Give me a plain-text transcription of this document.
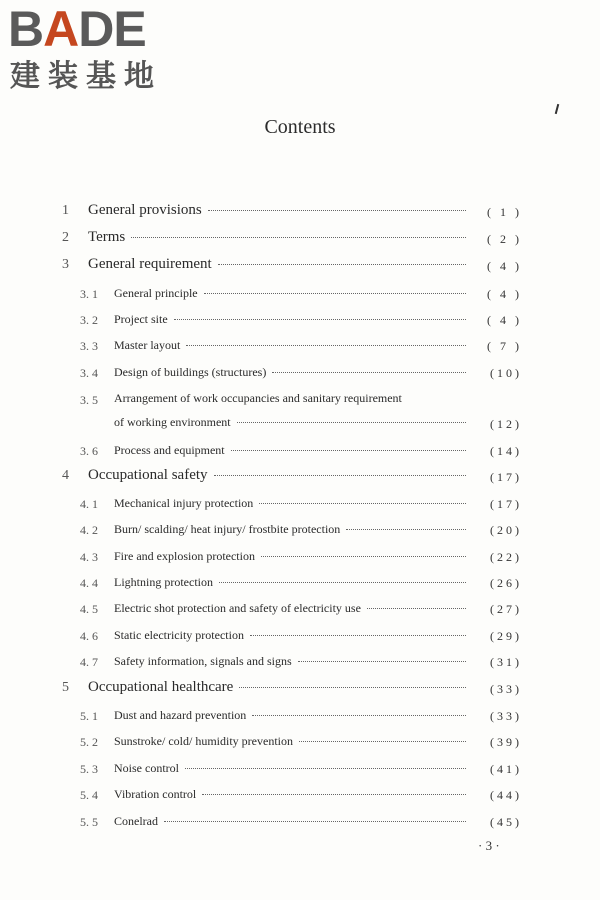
BADE
建装基地
Contents
1 General provisions	( 1 )
2 Terms	( 2 )
3 General requirement	( 4 )
3. 1 General principle	( 4 )
3. 2 Project site	( 4 )
3. 3 Master layout	( 7 )
3. 4 Design of buildings (structures)	(10)
3. 5 Arrangement of work occupancies and sanitary requirement
of working environment	(12)
3. 6 Process and equipment	(14)
4 Occupational safety	(17)
4. 1 Mechanical injury protection	(17)
4. 2 Burn/ scalding/ heat injury/ frostbite protection	(20)
4. 3 Fire and explosion protection	(22)
4. 4 Lightning protection	(26)
4. 5 Electric shot protection and safety of electricity use	(27)
4. 6 Static electricity protection	(29)
4. 7 Safety information, signals and signs	(31)
5 Occupational healthcare	(33)
5. 1 Dust and hazard prevention	(33)
5. 2 Sunstroke/ cold/ humidity prevention	(39)
5. 3 Noise control	(41)
5. 4 Vibration control	(44)
5. 5 Conelrad	(45)
· 3 ·
